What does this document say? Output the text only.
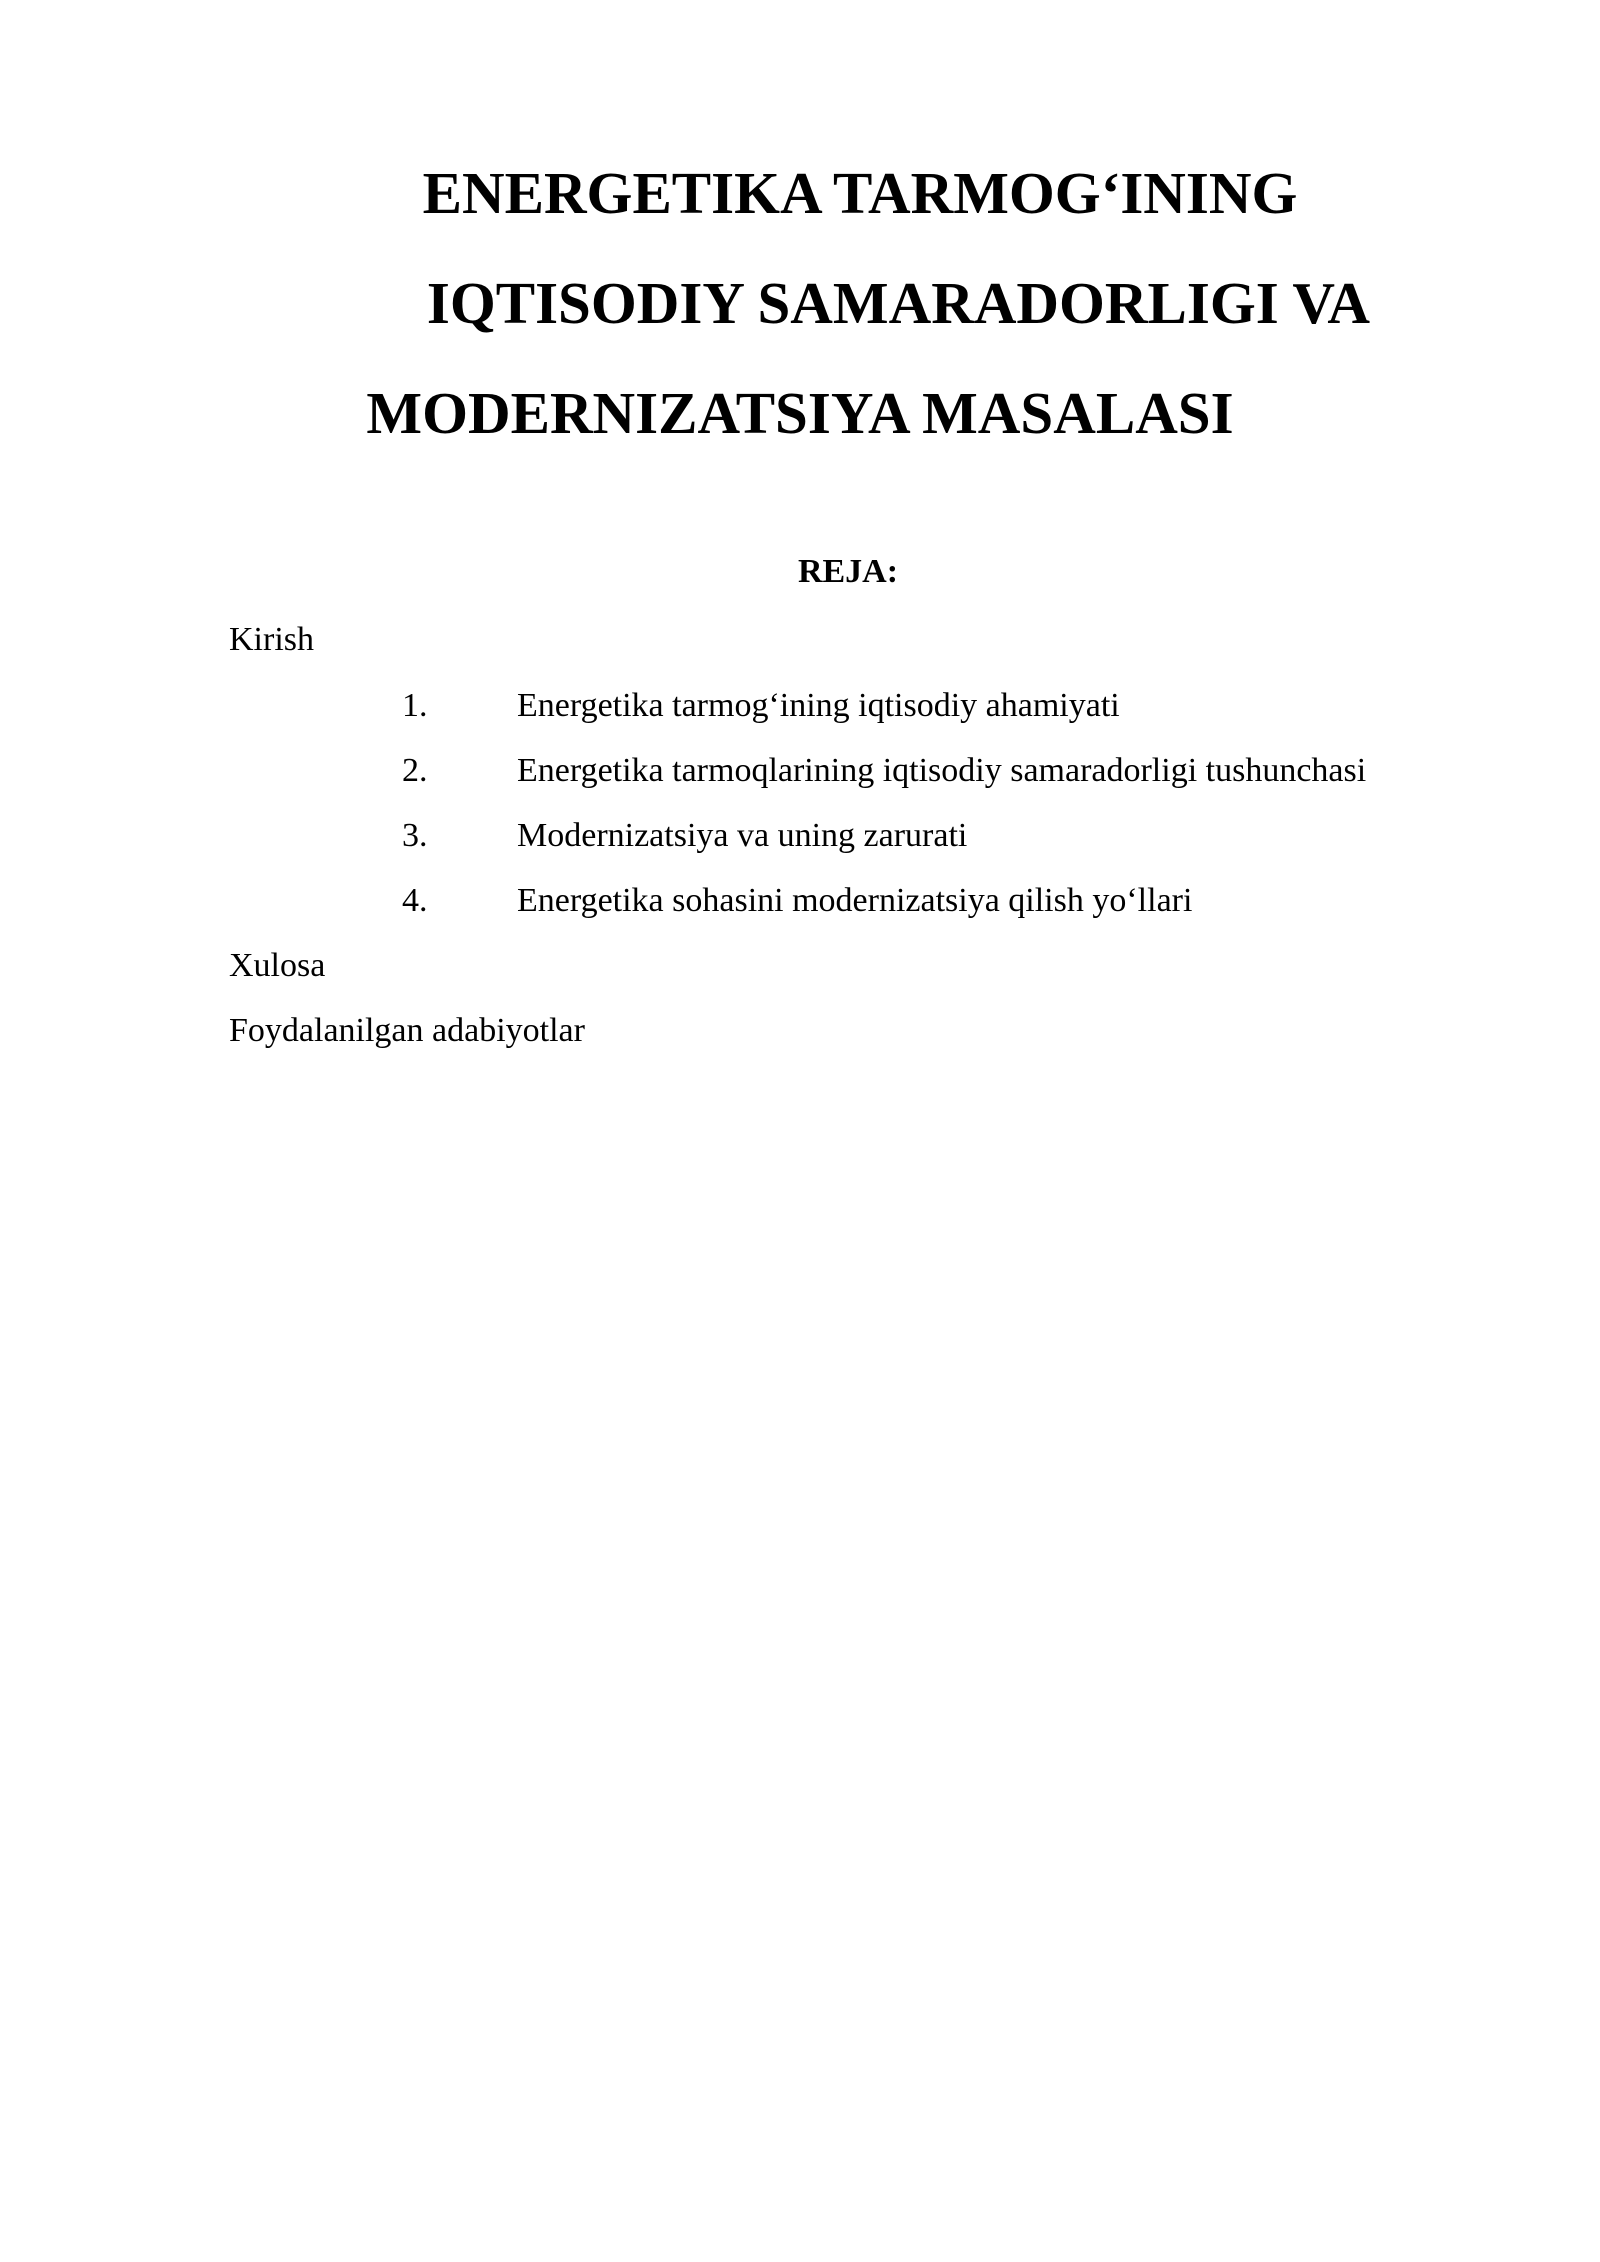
ENERGETIKA TARMOG‘INING
IQTISODIY SAMARADORLIGI VA
MODERNIZATSIYA MASALASI
REJA:
Kirish
1.	Energetika tarmog‘ining iqtisodiy ahamiyati
2.	Energetika tarmoqlarining iqtisodiy samaradorligi tushunchasi
3.	Modernizatsiya va uning zarurati
4.	Energetika sohasini modernizatsiya qilish yo‘llari
Xulosa
Foydalanilgan adabiyotlar
